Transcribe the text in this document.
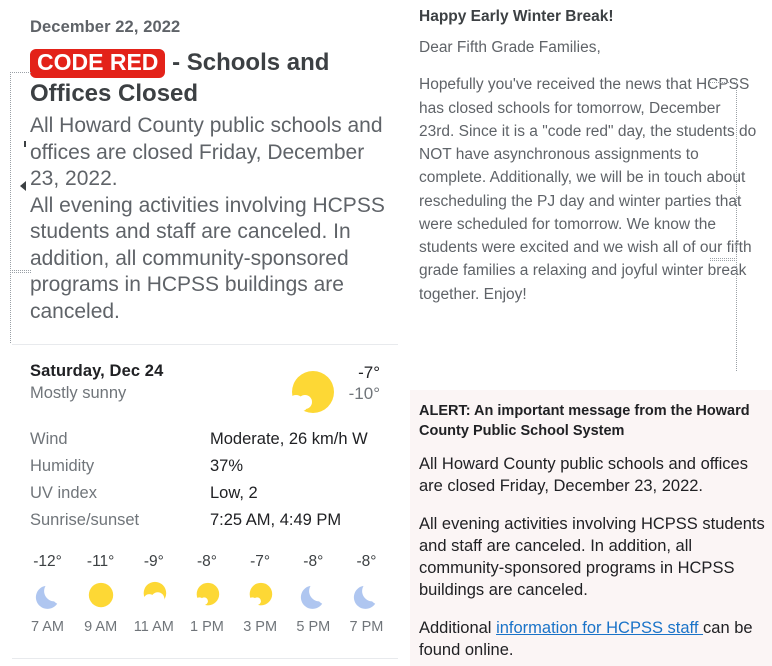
December 22, 2022
CODE RED - Schools and Offices Closed

All Howard County public schools and offices are closed Friday, December 23, 2022.

All evening activities involving HCPSS students and staff are canceled. In addition, all community-sponsored programs in HCPSS buildings are canceled.

Saturday, Dec 24
Mostly sunny
-7°
-10°
Wind	Moderate, 26 km/h W
Humidity	37%
UV index	Low, 2
Sunrise/sunset	7:25 AM, 4:49 PM
-12°
7 AM
-11°
9 AM
-9°
11 AM
-8°
1 PM
-7°
3 PM
-8°
5 PM
-8°
7 PM
Happy Early Winter Break!

Dear Fifth Grade Families,

Hopefully you've received the news that HCPSS has closed schools for tomorrow, December 23rd. Since it is a "code red" day, the students do NOT have asynchronous assignments to complete. Additionally, we will be in touch about rescheduling the PJ day and winter parties that were scheduled for tomorrow. We know the students were excited and we wish all of our fifth grade families a relaxing and joyful winter break together. Enjoy!

ALERT: An important message from the Howard County Public School System

All Howard County public schools and offices are closed Friday, December 23, 2022.

All evening activities involving HCPSS students and staff are canceled. In addition, all community-sponsored programs in HCPSS buildings are canceled.

Additional information for HCPSS staff can be found online.
